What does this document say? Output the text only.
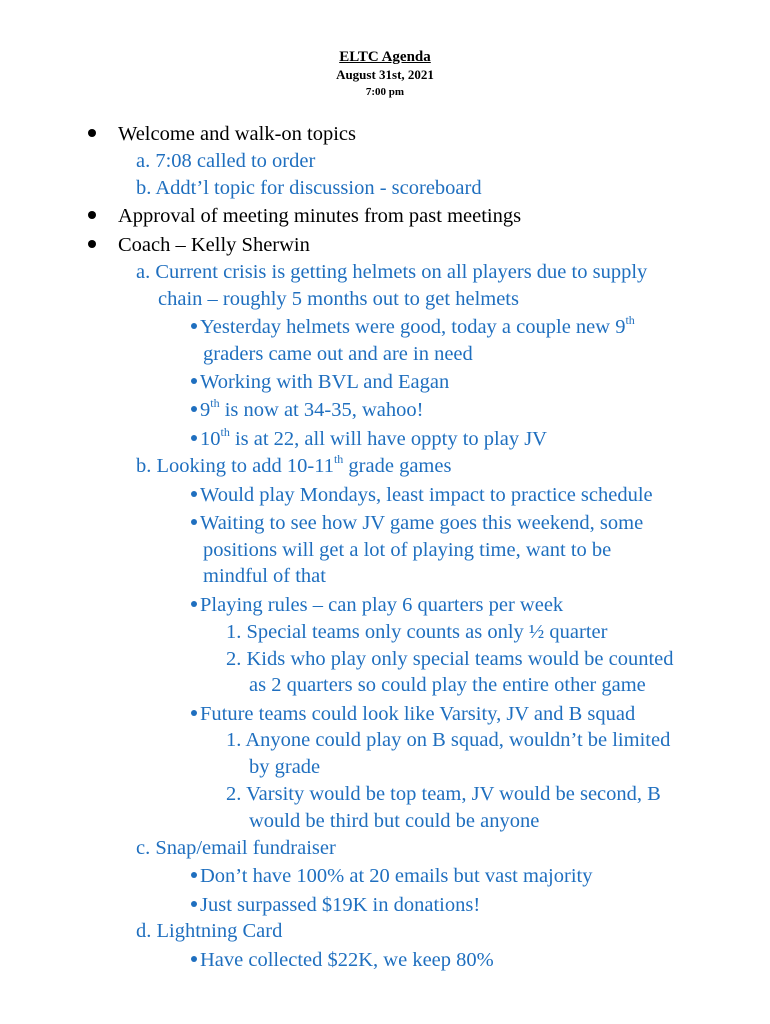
ELTC Agenda
August 31st, 2021
7:00 pm
Welcome and walk-on topics
a. 7:08 called to order
b. Addt’l topic for discussion - scoreboard
Approval of meeting minutes from past meetings
Coach – Kelly Sherwin
a. Current crisis is getting helmets on all players due to supply
chain – roughly 5 months out to get helmets
Yesterday helmets were good, today a couple new 9th
graders came out and are in need
Working with BVL and Eagan
9th is now at 34-35, wahoo!
10th is at 22, all will have oppty to play JV
b. Looking to add 10-11th grade games
Would play Mondays, least impact to practice schedule
Waiting to see how JV game goes this weekend, some
positions will get a lot of playing time, want to be
mindful of that
Playing rules – can play 6 quarters per week
1. Special teams only counts as only ½ quarter
2. Kids who play only special teams would be counted
as 2 quarters so could play the entire other game
Future teams could look like Varsity, JV and B squad
1. Anyone could play on B squad, wouldn’t be limited
by grade
2. Varsity would be top team, JV would be second, B
would be third but could be anyone
c. Snap/email fundraiser
Don’t have 100% at 20 emails but vast majority
Just surpassed $19K in donations!
d. Lightning Card
Have collected $22K, we keep 80%
